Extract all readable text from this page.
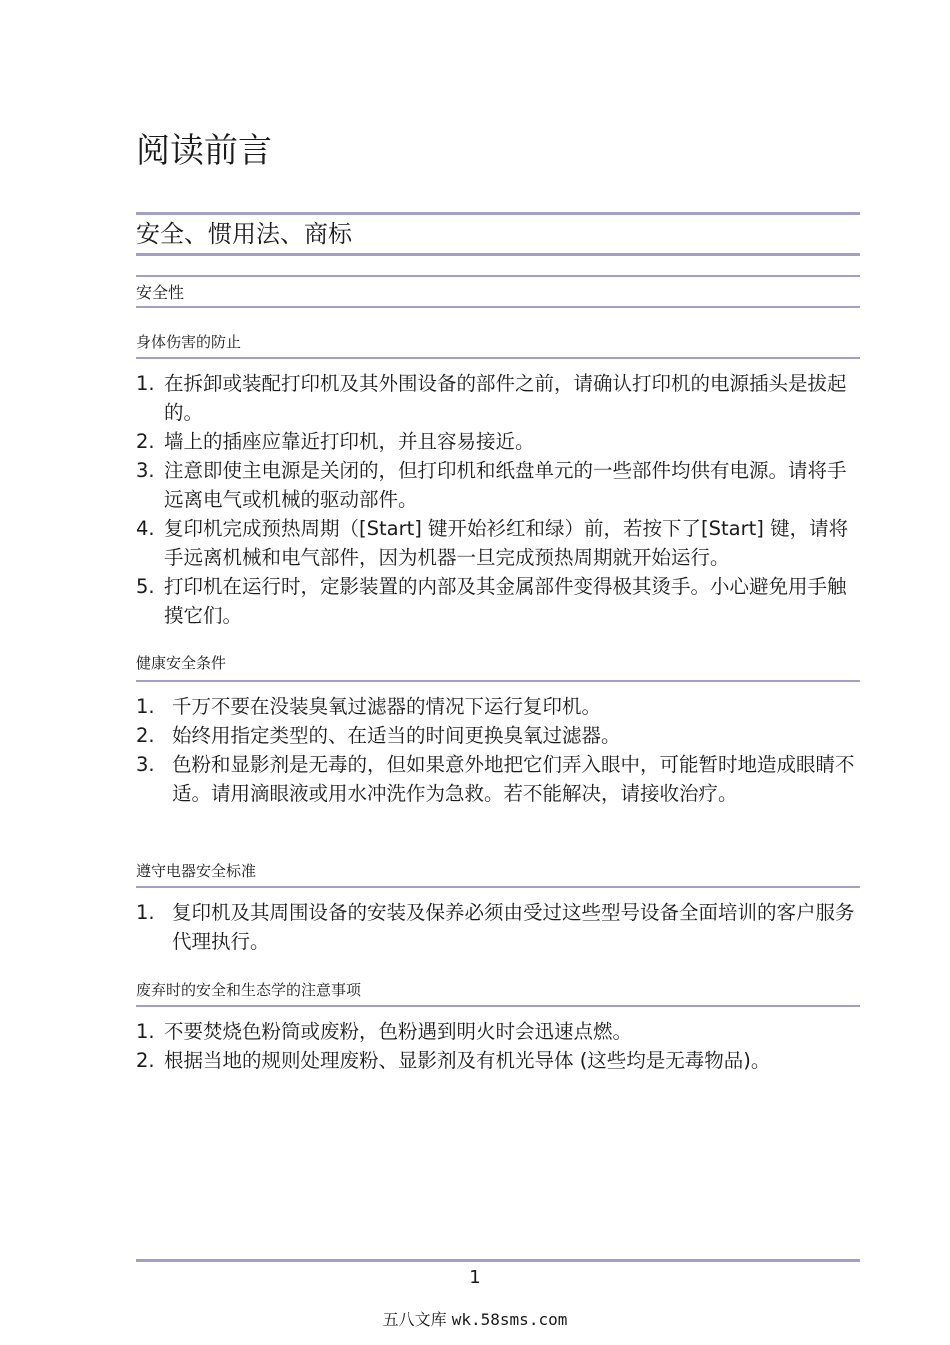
阅读前言
安全、惯用法、商标
安全性
身体伤害的防止
1. 在拆卸或装配打印机及其外围设备的部件之前，请确认打印机的电源插头是拔起的。
2. 墙上的插座应靠近打印机，并且容易接近。
3. 注意即使主电源是关闭的，但打印机和纸盘单元的一些部件均供有电源。请将手远离电气或机械的驱动部件。
4. 复印机完成预热周期（[Start] 键开始衫红和绿）前，若按下了[Start] 键，请将手远离机械和电气部件，因为机器一旦完成预热周期就开始运行。
5. 打印机在运行时，定影装置的内部及其金属部件变得极其烫手。小心避免用手触摸它们。
健康安全条件
1. 千万不要在没装臭氧过滤器的情况下运行复印机。
2. 始终用指定类型的、在适当的时间更换臭氧过滤器。
3. 色粉和显影剂是无毒的，但如果意外地把它们弄入眼中，可能暂时地造成眼睛不适。请用滴眼液或用水冲洗作为急救。若不能解决，请接收治疗。
遵守电器安全标准
1. 复印机及其周围设备的安装及保养必须由受过这些型号设备全面培训的客户服务代理执行。
废弃时的安全和生态学的注意事项
1. 不要焚烧色粉筒或废粉，色粉遇到明火时会迅速点燃。
2. 根据当地的规则处理废粉、显影剂及有机光导体 (这些均是无毒物品)。
1
五八文库 wk.58sms.com
